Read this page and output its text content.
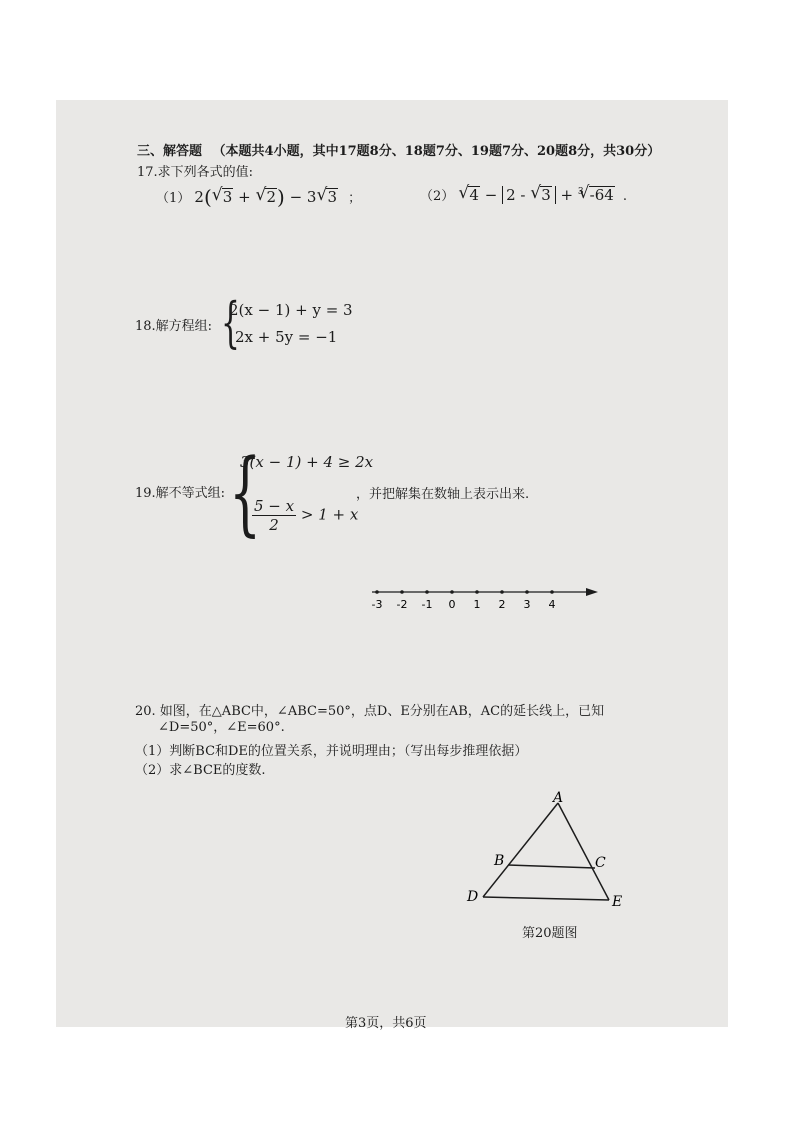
三、解答题 （本题共4小题，其中17题8分、18题7分、19题7分、20题8分，共30分）
17.求下列各式的值:
（1） 2( √ 3 + √ 2) − 3 √ 3 ；	（2） √ 4 − 2 - √ 3 + $^3$ √ -64 .
18.解方程组: {
2(x − 1) + y = 3
2x + 5y = −1
19.解不等式组: {
3(x − 1) + 4 ≥ 2x
$\frac{5 - x}{2} > 1 + x$
，并把解集在数轴上表示出来.
-3 -2 -1 0 1 2 3 4
20. 如图，在△ABC中，∠ABC=50°，点D、E分别在AB，AC的延长线上，已知
∠D=50°，∠E=60°.
（1）判断BC和DE的位置关系，并说明理由；（写出每步推理依据）
（2）求∠BCE的度数.
A
B	C
D	E
第20题图
第3页，共6页
